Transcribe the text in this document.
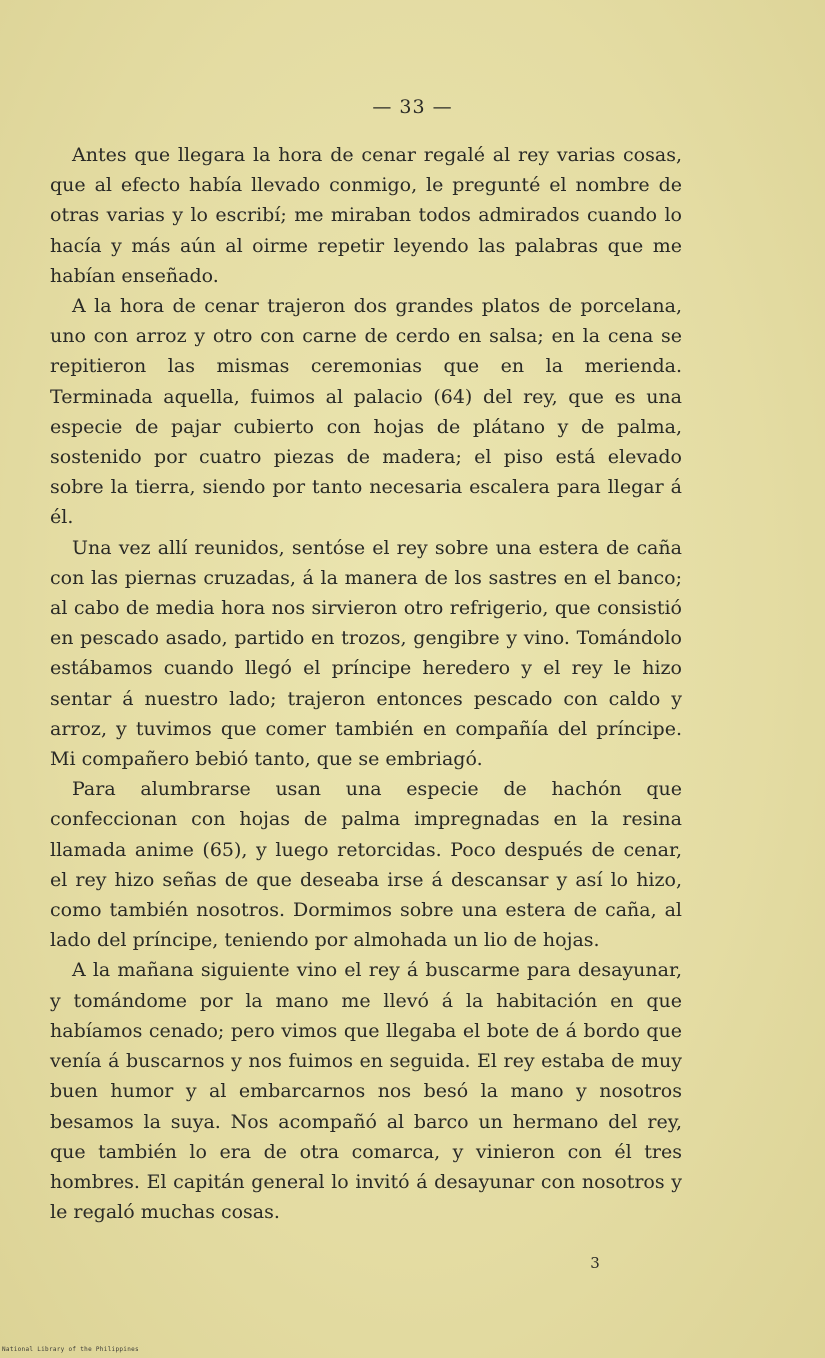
— 33 —

Antes que llegara la hora de cenar regalé al rey varias cosas, que al efecto había llevado conmigo, le pregunté el nombre de otras varias y lo escribí; me miraban todos admirados cuando lo hacía y más aún al oirme repetir leyendo las palabras que me habían enseñado.

A la hora de cenar trajeron dos grandes platos de porcelana, uno con arroz y otro con carne de cerdo en salsa; en la cena se repitieron las mismas ceremonias que en la merienda. Terminada aquella, fuimos al palacio (64) del rey, que es una especie de pajar cubierto con hojas de plátano y de palma, sostenido por cuatro piezas de madera; el piso está elevado sobre la tierra, siendo por tanto necesaria escalera para llegar á él.

Una vez allí reunidos, sentóse el rey sobre una estera de caña con las piernas cruzadas, á la manera de los sastres en el banco; al cabo de media hora nos sirvieron otro refrigerio, que consistió en pescado asado, partido en trozos, gengibre y vino. Tomándolo estábamos cuando llegó el príncipe heredero y el rey le hizo sentar á nuestro lado; trajeron entonces pescado con caldo y arroz, y tuvimos que comer también en compañía del príncipe. Mi compañero bebió tanto, que se embriagó.

Para alumbrarse usan una especie de hachón que confeccionan con hojas de palma impregnadas en la resina llamada anime (65), y luego retorcidas. Poco después de cenar, el rey hizo señas de que deseaba irse á descansar y así lo hizo, como también nosotros. Dormimos sobre una estera de caña, al lado del príncipe, teniendo por almohada un lio de hojas.

A la mañana siguiente vino el rey á buscarme para desayunar, y tomándome por la mano me llevó á la habitación en que habíamos cenado; pero vimos que llegaba el bote de á bordo que venía á buscarnos y nos fuimos en seguida. El rey estaba de muy buen humor y al embarcarnos nos besó la mano y nosotros besamos la suya. Nos acompañó al barco un hermano del rey, que también lo era de otra comarca, y vinieron con él tres hombres. El capitán general lo invitó á desayunar con nosotros y le regaló muchas cosas.

3
National Library of the Philippines
